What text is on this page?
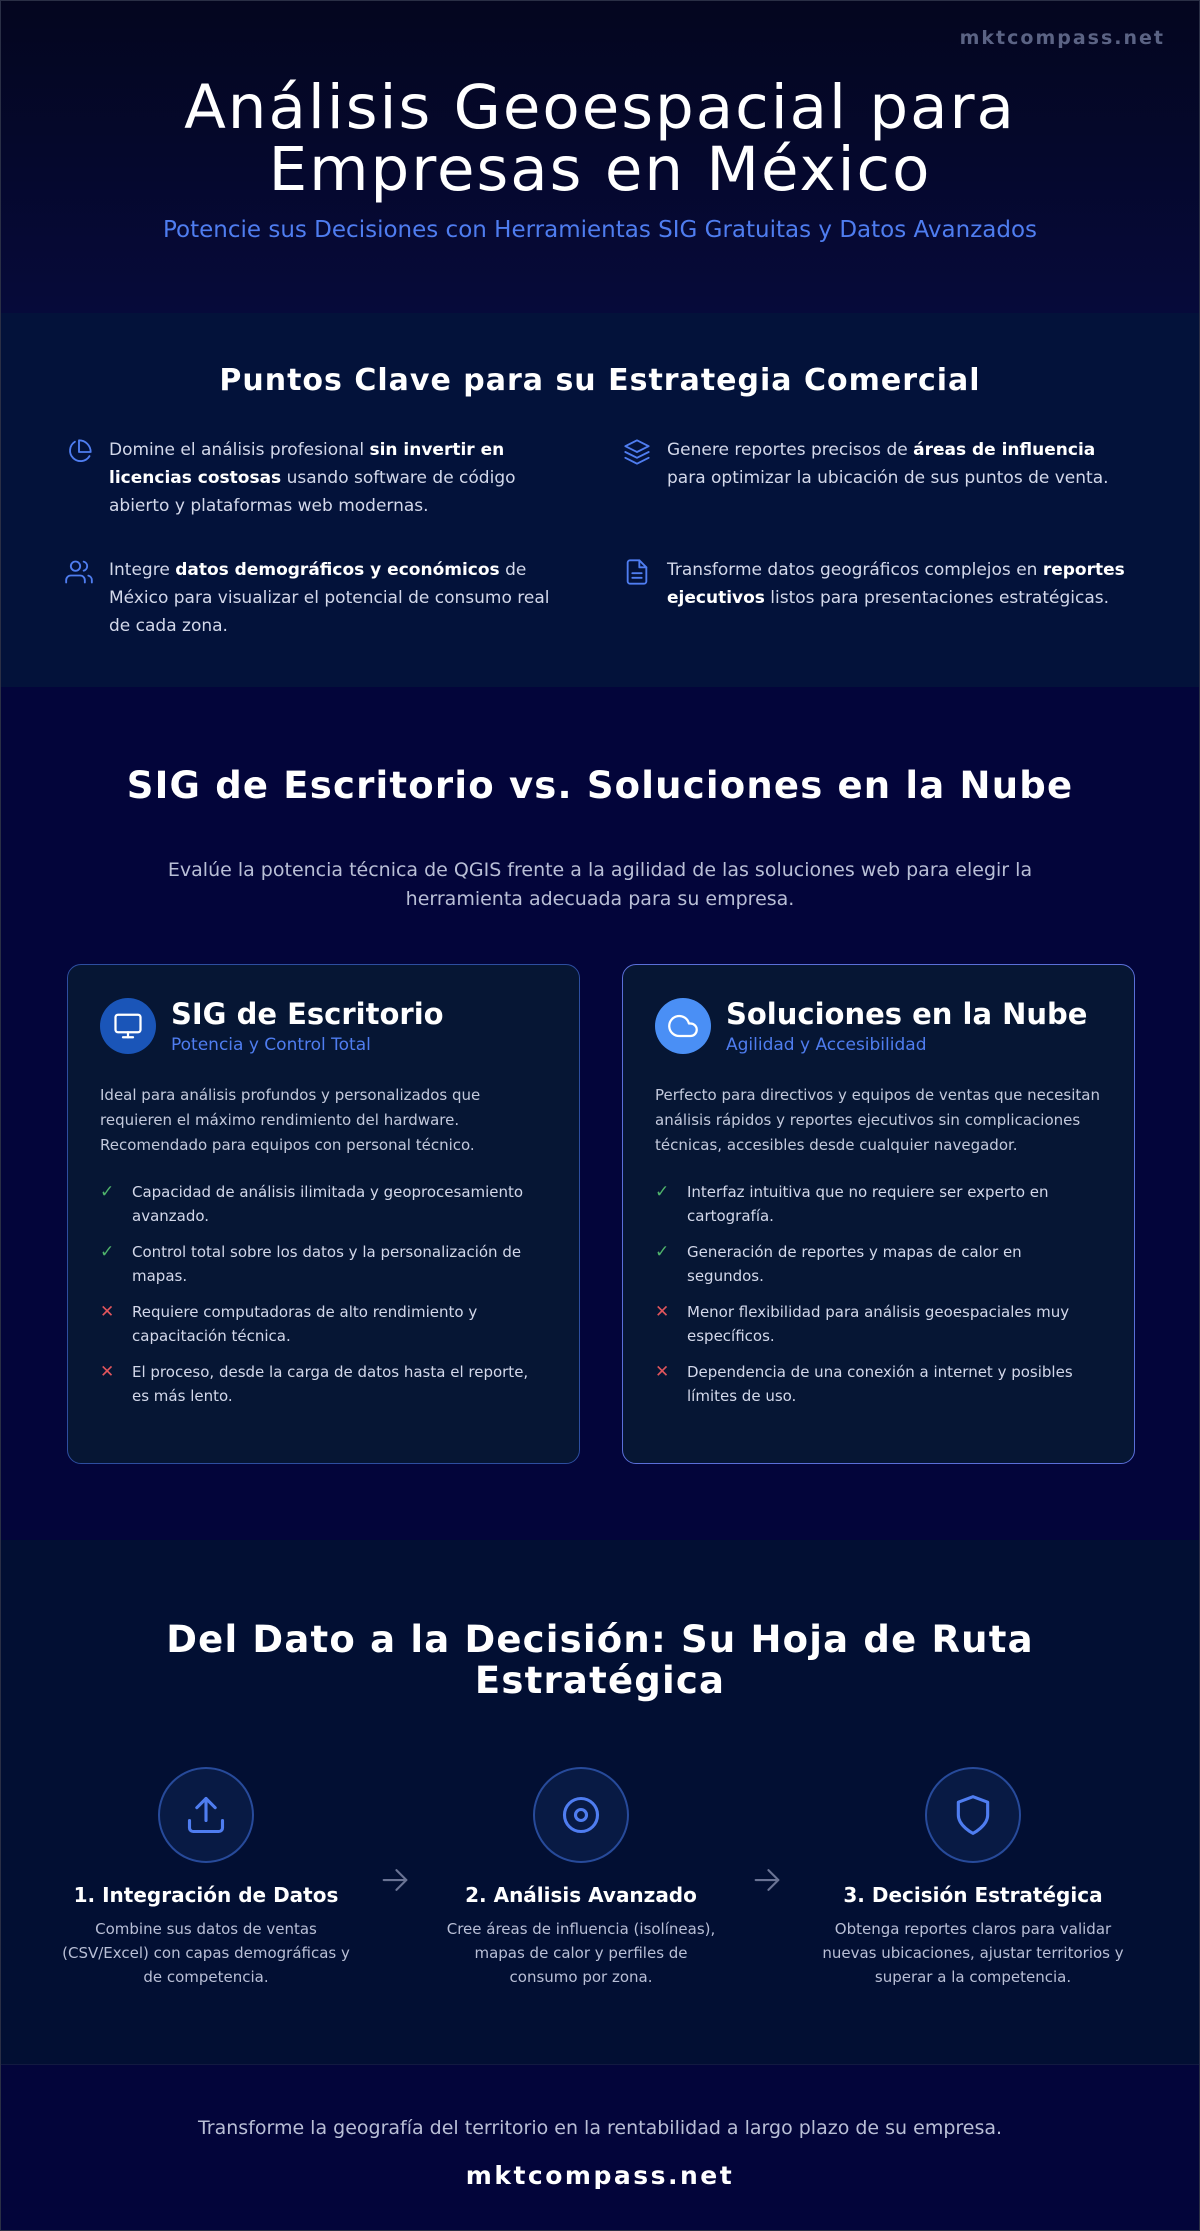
mktcompass.net
Análisis Geoespacial para Empresas en México
Potencie sus Decisiones con Herramientas SIG Gratuitas y Datos Avanzados
Puntos Clave para su Estrategia Comercial

Domine el análisis profesional sin invertir en licencias costosas usando software de código abierto y plataformas web modernas.

Genere reportes precisos de áreas de influencia para optimizar la ubicación de sus puntos de venta.

Integre datos demográficos y económicos de México para visualizar el potencial de consumo real de cada zona.

Transforme datos geográficos complejos en reportes ejecutivos listos para presentaciones estratégicas.

SIG de Escritorio vs. Soluciones en la Nube

Evalúe la potencia técnica de QGIS frente a la agilidad de las soluciones web para elegir la herramienta adecuada para su empresa.

SIG de Escritorio
Potencia y Control Total

Ideal para análisis profundos y personalizados que requieren el máximo rendimiento del hardware. Recomendado para equipos con personal técnico.

✓ Capacidad de análisis ilimitada y geoprocesamiento avanzado.
✓ Control total sobre los datos y la personalización de mapas.
✕ Requiere computadoras de alto rendimiento y capacitación técnica.
✕ El proceso, desde la carga de datos hasta el reporte, es más lento.
Soluciones en la Nube
Agilidad y Accesibilidad

Perfecto para directivos y equipos de ventas que necesitan análisis rápidos y reportes ejecutivos sin complicaciones técnicas, accesibles desde cualquier navegador.

✓ Interfaz intuitiva que no requiere ser experto en cartografía.
✓ Generación de reportes y mapas de calor en segundos.
✕ Menor flexibilidad para análisis geoespaciales muy específicos.
✕ Dependencia de una conexión a internet y posibles límites de uso.
Del Dato a la Decisión: Su Hoja de Ruta Estratégica
1. Integración de Datos
Combine sus datos de ventas (CSV/Excel) con capas demográficas y de competencia.
2. Análisis Avanzado
Cree áreas de influencia (isolíneas), mapas de calor y perfiles de consumo por zona.
3. Decisión Estratégica
Obtenga reportes claros para validar nuevas ubicaciones, ajustar territorios y superar a la competencia.
Transforme la geografía del territorio en la rentabilidad a largo plazo de su empresa.
mktcompass.net
